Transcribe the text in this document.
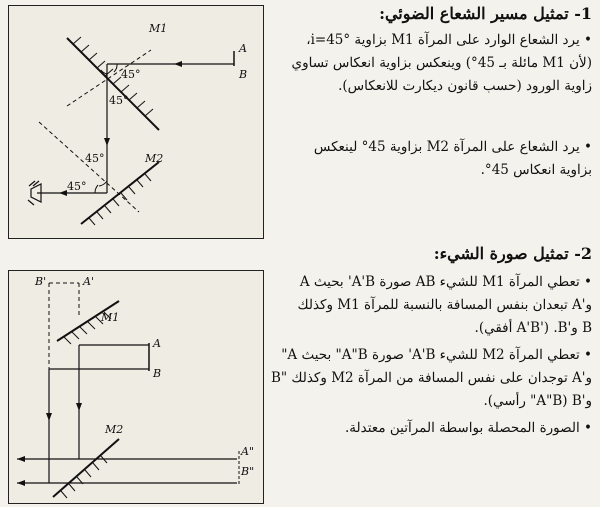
M1
M2
A
B
45°
45°
45°
45°
B'	A'
M1
A
B
M2
A"
B"
1- تمثيل مسير الشعاع الضوئي:
• يرد الشعاع الوارد على المرآة M1 بزاوية i=45°،
(لأن M1 مائلة بـ 45°) وينعكس بزاوية انعكاس تساوي
زاوية الورود (حسب قانون ديكارت للانعكاس).
• يرد الشعاع على المرآة M2 بزاوية 45° لينعكس
بزاوية انعكاس 45°.
2- تمثيل صورة الشيء:
• تعطي المرآة M1 للشيء AB صورة A'B' بحيث A
و'A تبعدان بنفس المسافة بالنسبة للمرآة M1 وكذلك
B و'B. ('A'B أفقي).
• تعطي المرآة M2 للشيء A'B' صورة A"B" بحيث A"
و'A توجدان على نفس المسافة من المرآة M2 وكذلك "B
و'B (A"B" رأسي).
• الصورة المحصلة بواسطة المرآتين معتدلة.
